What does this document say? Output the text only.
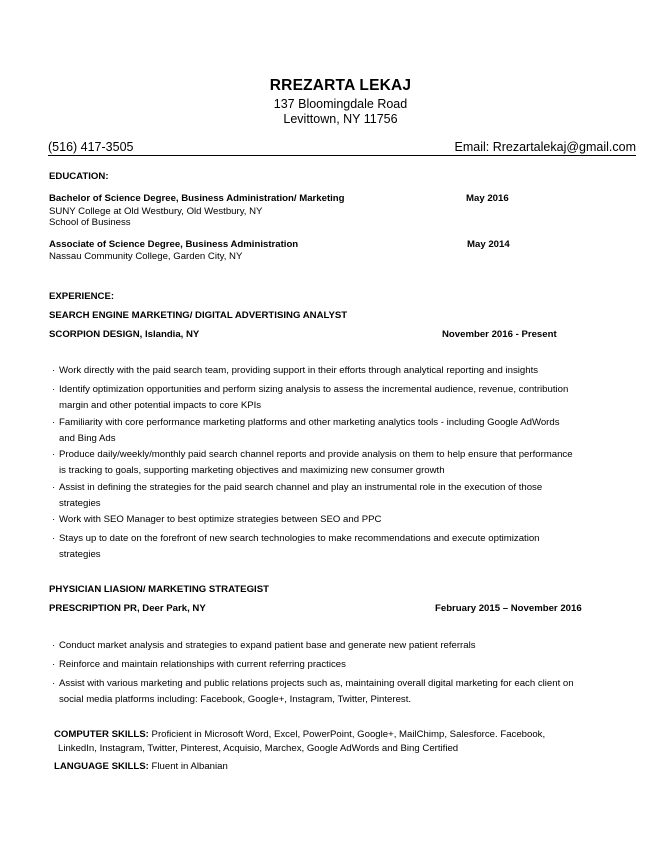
RREZARTA LEKAJ
137 Bloomingdale Road
Levittown, NY 11756
(516) 417-3505	Email: Rrezartalekaj@gmail.com
EDUCATION:
Bachelor of Science Degree, Business Administration/ Marketing	May 2016
SUNY College at Old Westbury, Old Westbury, NY
School of Business
Associate of Science Degree, Business Administration	May 2014
Nassau Community College, Garden City, NY
EXPERIENCE:
SEARCH ENGINE MARKETING/ DIGITAL ADVERTISING ANALYST
SCORPION DESIGN, Islandia, NY	November 2016 - Present
· Work directly with the paid search team, providing support in their efforts through analytical reporting and insights
· Identify optimization opportunities and perform sizing analysis to assess the incremental audience, revenue, contribution
margin and other potential impacts to core KPIs
· Familiarity with core performance marketing platforms and other marketing analytics tools - including Google AdWords
and Bing Ads
· Produce daily/weekly/monthly paid search channel reports and provide analysis on them to help ensure that performance
is tracking to goals, supporting marketing objectives and maximizing new consumer growth
· Assist in defining the strategies for the paid search channel and play an instrumental role in the execution of those
strategies
· Work with SEO Manager to best optimize strategies between SEO and PPC
· Stays up to date on the forefront of new search technologies to make recommendations and execute optimization
strategies
PHYSICIAN LIASION/ MARKETING STRATEGIST
PRESCRIPTION PR, Deer Park, NY	February 2015 – November 2016
· Conduct market analysis and strategies to expand patient base and generate new patient referrals
· Reinforce and maintain relationships with current referring practices
· Assist with various marketing and public relations projects such as, maintaining overall digital marketing for each client on
social media platforms including: Facebook, Google+, Instagram, Twitter, Pinterest.
COMPUTER SKILLS: Proficient in Microsoft Word, Excel, PowerPoint, Google+, MailChimp, Salesforce. Facebook,
LinkedIn, Instagram, Twitter, Pinterest, Acquisio, Marchex, Google AdWords and Bing Certified
LANGUAGE SKILLS: Fluent in Albanian
